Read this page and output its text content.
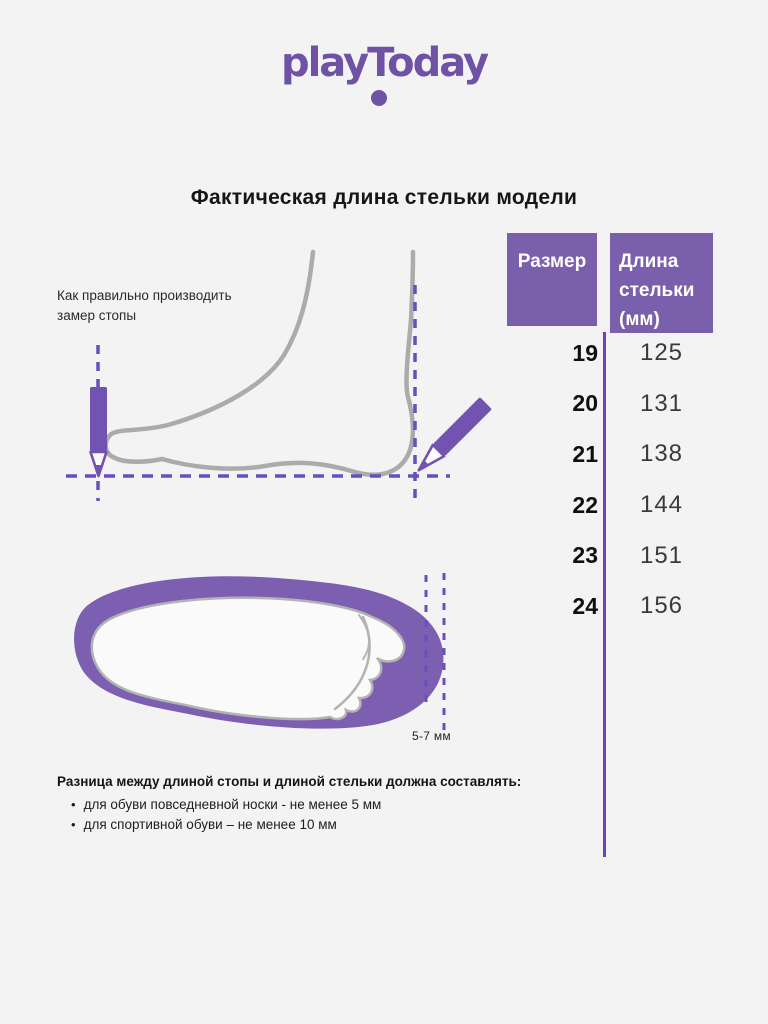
playToday
Фактическая длина стельки модели
Как правильно производить
замер стопы
5-7 мм
Размер	Длина стельки (мм)
19	125
20	131
21	138
22	144
23	151
24	156

Разница между длиной стопы и длиной стельки должна составлять:

• для обуви повседневной носки - не менее 5 мм
• для спортивной обуви – не менее 10 мм
